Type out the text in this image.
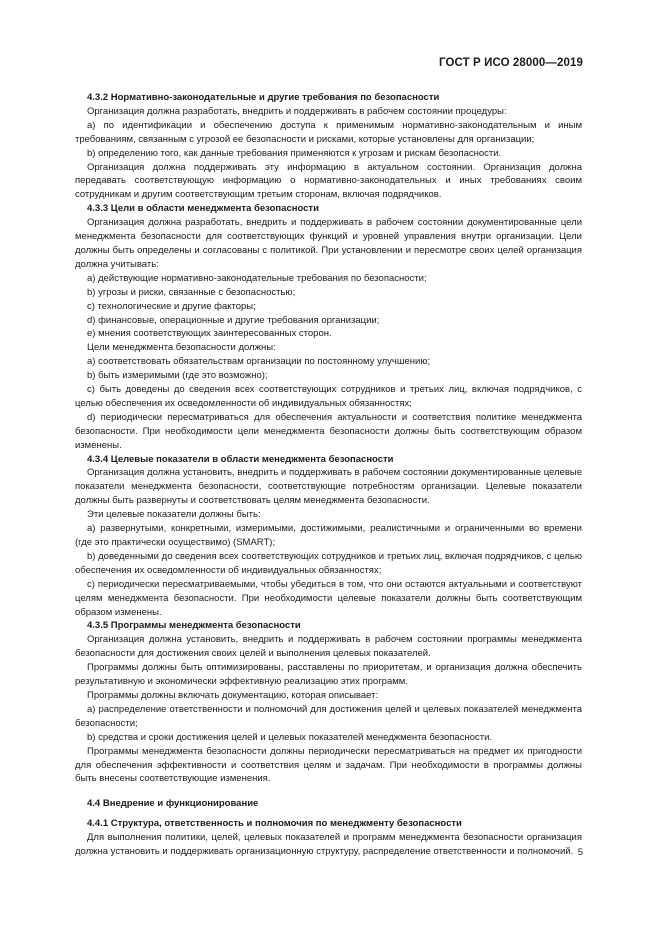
ГОСТ Р ИСО 28000—2019

4.3.2 Нормативно-законодательные и другие требования по безопасности

Организация должна разработать, внедрить и поддерживать в рабочем состоянии процедуры:

a) по идентификации и обеспечению доступа к применимым нормативно-законодательным и иным требованиям, связанным с угрозой ее безопасности и рисками, которые установлены для организации;

b) определению того, как данные требования применяются к угрозам и рискам безопасности.

Организация должна поддерживать эту информацию в актуальном состоянии. Организация должна передавать соответствующую информацию о нормативно-законодательных и иных требованиях своим сотрудникам и другим соответствующим третьим сторонам, включая подрядчиков.

4.3.3 Цели в области менеджмента безопасности

Организация должна разработать, внедрить и поддерживать в рабочем состоянии документированные цели менеджмента безопасности для соответствующих функций и уровней управления внутри организации. Цели должны быть определены и согласованы с политикой. При установлении и пересмотре своих целей организация должна учитывать:

a) действующие нормативно-законодательные требования по безопасности;

b) угрозы и риски, связанные с безопасностью;

c) технологические и другие факторы;

d) финансовые, операционные и другие требования организации;

e) мнения соответствующих заинтересованных сторон.

Цели менеджмента безопасности должны:

a) соответствовать обязательствам организации по постоянному улучшению;

b) быть измеримыми (где это возможно);

c) быть доведены до сведения всех соответствующих сотрудников и третьих лиц, включая подрядчиков, с целью обеспечения их осведомленности об индивидуальных обязанностях;

d) периодически пересматриваться для обеспечения актуальности и соответствия политике менеджмента безопасности. При необходимости цели менеджмента безопасности должны быть соответствующим образом изменены.

4.3.4 Целевые показатели в области менеджмента безопасности

Организация должна установить, внедрить и поддерживать в рабочем состоянии документированные целевые показатели менеджмента безопасности, соответствующие потребностям организации. Целевые показатели должны быть развернуты и соответствовать целям менеджмента безопасности.

Эти целевые показатели должны быть:

a) развернутыми, конкретными, измеримыми, достижимыми, реалистичными и ограниченными во времени (где это практически осуществимо) (SMART);

b) доведенными до сведения всех соответствующих сотрудников и третьих лиц, включая подрядчиков, с целью обеспечения их осведомленности об индивидуальных обязанностях;

c) периодически пересматриваемыми, чтобы убедиться в том, что они остаются актуальными и соответствуют целям менеджмента безопасности. При необходимости целевые показатели должны быть соответствующим образом изменены.

4.3.5 Программы менеджмента безопасности

Организация должна установить, внедрить и поддерживать в рабочем состоянии программы менеджмента безопасности для достижения своих целей и выполнения целевых показателей.

Программы должны быть оптимизированы, расставлены по приоритетам, и организация должна обеспечить результативную и экономически эффективную реализацию этих программ.

Программы должны включать документацию, которая описывает:

a) распределение ответственности и полномочий для достижения целей и целевых показателей менеджмента безопасности;

b) средства и сроки достижения целей и целевых показателей менеджмента безопасности.

Программы менеджмента безопасности должны периодически пересматриваться на предмет их пригодности для обеспечения эффективности и соответствия целям и задачам. При необходимости в программы должны быть внесены соответствующие изменения.

4.4 Внедрение и функционирование

4.4.1 Структура, ответственность и полномочия по менеджменту безопасности

Для выполнения политики, целей, целевых показателей и программ менеджмента безопасности организация должна установить и поддерживать организационную структуру, распределение ответственности и полномочий. 5
